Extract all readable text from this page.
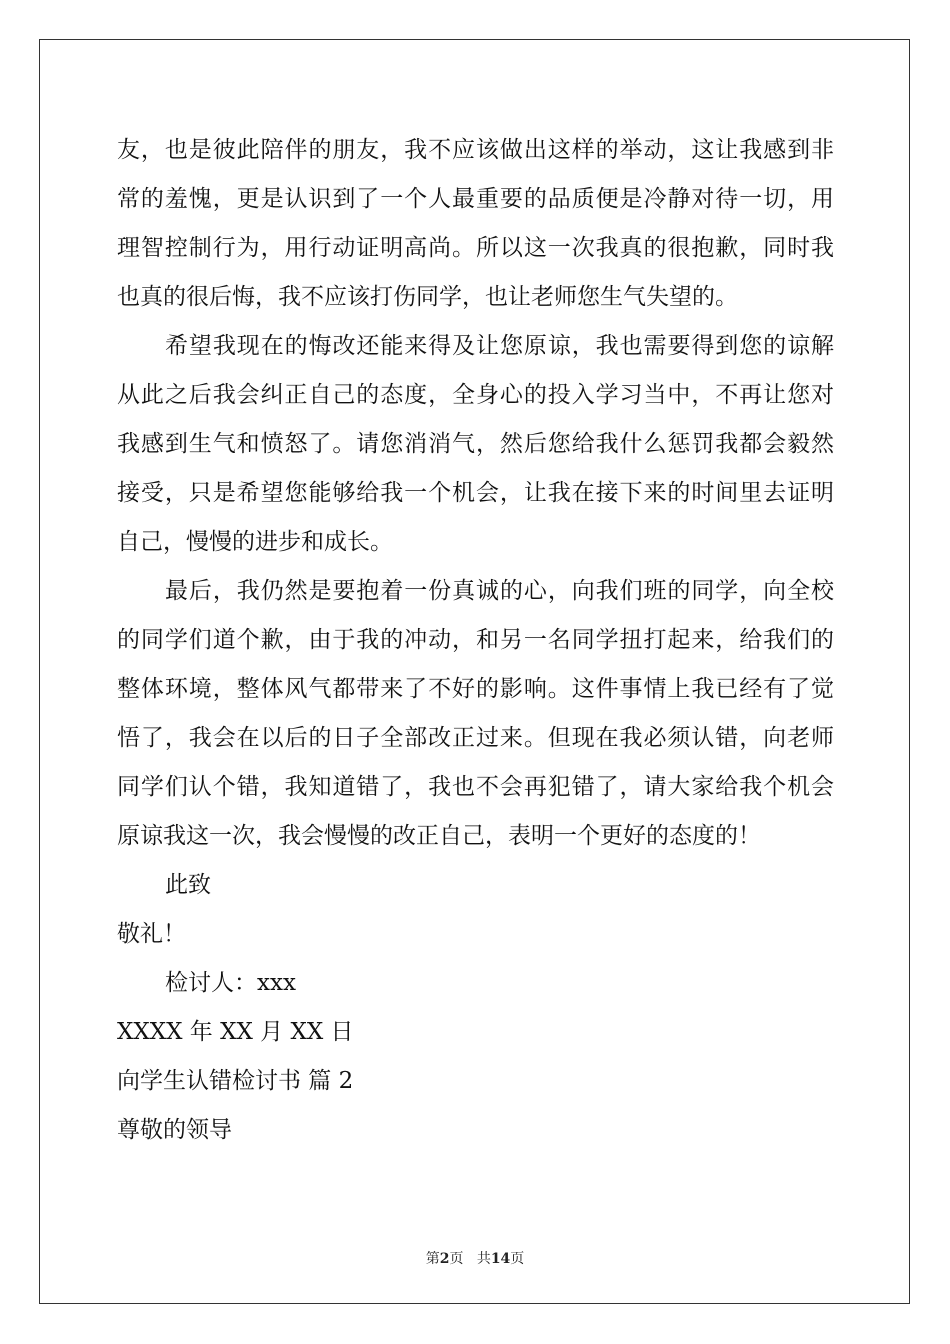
友，也是彼此陪伴的朋友，我不应该做出这样的举动，这让我感到非
常的羞愧，更是认识到了一个人最重要的品质便是冷静对待一切，用
理智控制行为，用行动证明高尚。所以这一次我真的很抱歉，同时我
也真的很后悔，我不应该打伤同学，也让老师您生气失望的。
希望我现在的悔改还能来得及让您原谅，我也需要得到您的谅解
从此之后我会纠正自己的态度，全身心的投入学习当中，不再让您对
我感到生气和愤怒了。请您消消气，然后您给我什么惩罚我都会毅然
接受，只是希望您能够给我一个机会，让我在接下来的时间里去证明
自己，慢慢的进步和成长。
最后，我仍然是要抱着一份真诚的心，向我们班的同学，向全校
的同学们道个歉，由于我的冲动，和另一名同学扭打起来，给我们的
整体环境，整体风气都带来了不好的影响。这件事情上我已经有了觉
悟了，我会在以后的日子全部改正过来。但现在我必须认错，向老师
同学们认个错，我知道错了，我也不会再犯错了，请大家给我个机会
原谅我这一次，我会慢慢的改正自己，表明一个更好的态度的！
此致
敬礼！
检讨人：xxx
XXXX 年 XX 月 XX 日
向学生认错检讨书 篇 2
尊敬的领导
第2页 共14页
